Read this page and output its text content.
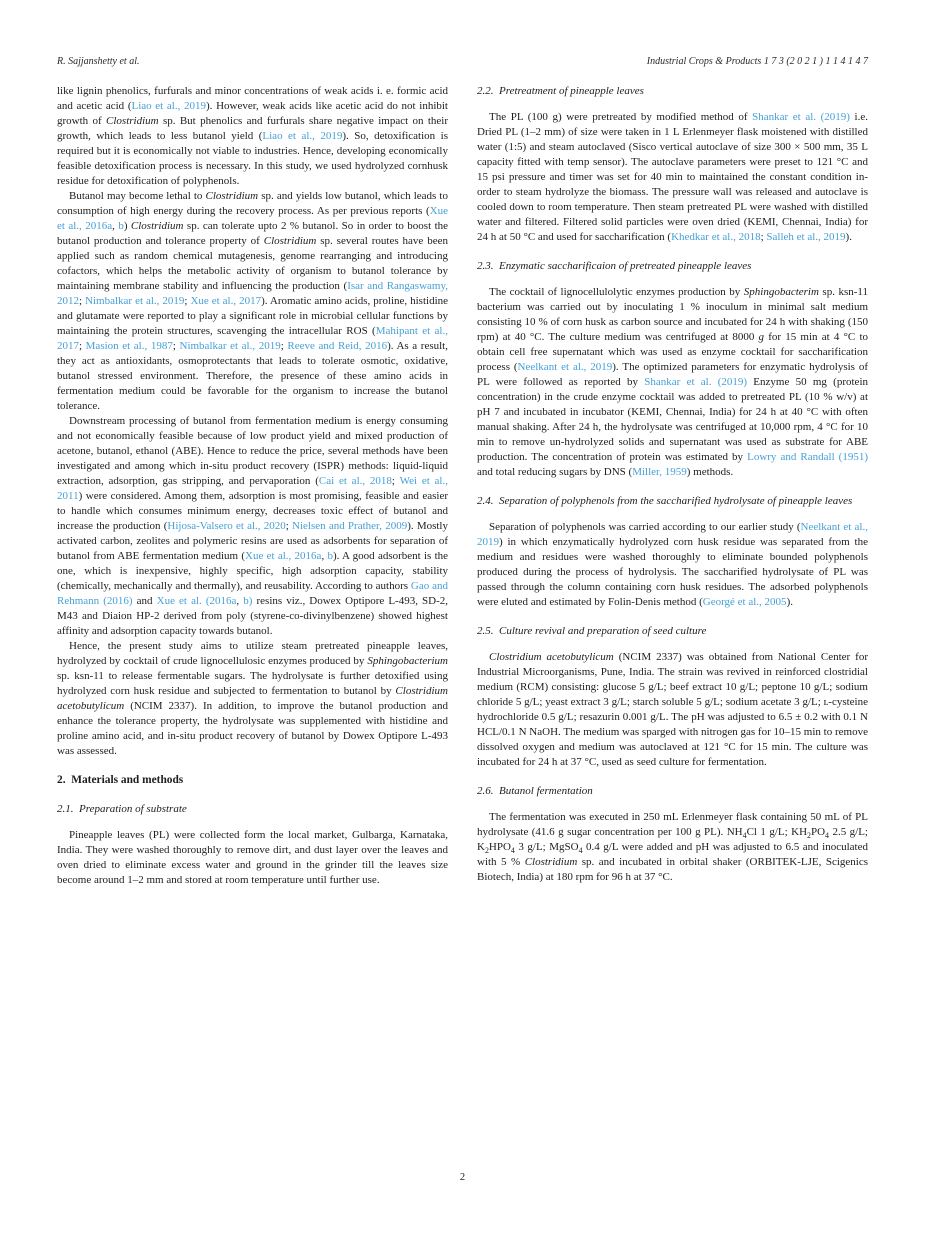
R. Sajjanshetty et al.	Industrial Crops & Products 1 7 3 (2 0 2 1 ) 1 1 4 1 4 7

like lignin phenolics, furfurals and minor concentrations of weak acids i. e. formic acid and acetic acid (Liao et al., 2019). However, weak acids like acetic acid do not inhibit growth of Clostridium sp. But phenolics and furfurals share negative impact on their growth, which leads to less butanol yield (Liao et al., 2019). So, detoxification is required but it is economically not viable to industries. Hence, developing economically feasible detoxification process is necessary. In this study, we used hydrolyzed cornhusk residue for detoxification of polyphenols.

Butanol may become lethal to Clostridium sp. and yields low butanol, which leads to consumption of high energy during the recovery process. As per previous reports (Xue et al., 2016a, b) Clostridium sp. can tolerate upto 2 % butanol. So in order to boost the butanol production and tolerance property of Clostridium sp. several routes have been applied such as random chemical mutagenesis, genome rearranging and introducing cofactors, which helps the metabolic activity of organism to butanol tolerance by maintaining membrane stability and influencing the production (Isar and Rangaswamy, 2012; Nimbalkar et al., 2019; Xue et al., 2017). Aromatic amino acids, proline, histidine and glutamate were reported to play a significant role in microbial cellular functions by maintaining the protein structures, scavenging the intracellular ROS (Mahipant et al., 2017; Masion et al., 1987; Nimbalkar et al., 2019; Reeve and Reid, 2016). As a result, they act as antioxidants, osmoprotectants that leads to tolerate osmotic, oxidative, butanol stressed environment. Therefore, the presence of these amino acids in fermentation medium could be favorable for the organism to increase the butanol tolerance.

Downstream processing of butanol from fermentation medium is energy consuming and not economically feasible because of low product yield and mixed production of acetone, butanol, ethanol (ABE). Hence to reduce the price, several methods have been investigated and among which in-situ product recovery (ISPR) methods: liquid-liquid extraction, adsorption, gas stripping, and pervaporation (Cai et al., 2018; Wei et al., 2011) were considered. Among them, adsorption is most promising, feasible and easier to handle which consumes minimum energy, decreases toxic effect of butanol and increase the production (Hijosa-Valsero et al., 2020; Nielsen and Prather, 2009). Mostly activated carbon, zeolites and polymeric resins are used as adsorbents for separation of butanol from ABE fermentation medium (Xue et al., 2016a, b). A good adsorbent is the one, which is inexpensive, highly specific, high adsorption capacity, stability (chemically, mechanically and thermally), and reusability. According to authors Gao and Rehmann (2016) and Xue et al. (2016a, b) resins viz., Dowex Optipore L-493, SD-2, M43 and Diaion HP-2 derived from poly (styrene-co-divinylbenzene) showed highest affinity and adsorption capacity towards butanol.

Hence, the present study aims to utilize steam pretreated pineapple leaves, hydrolyzed by cocktail of crude lignocellulosic enzymes produced by Sphingobacterium sp. ksn-11 to release fermentable sugars. The hydrolysate is further detoxified using hydrolyzed corn husk residue and subjected to fermentation to butanol by Clostridium acetobutylicum (NCIM 2337). In addition, to improve the butanol production and enhance the tolerance property, the hydrolysate was supplemented with histidine and proline amino acid, and in-situ product recovery of butanol by Dowex Optipore L-493 was assessed.

2. Materials and methods
2.1. Preparation of substrate

Pineapple leaves (PL) were collected form the local market, Gulbarga, Karnataka, India. They were washed thoroughly to remove dirt, and dust layer over the leaves and oven dried to eliminate excess water and ground in the grinder till the leaves size become around 1–2 mm and stored at room temperature until further use.

2.2. Pretreatment of pineapple leaves

The PL (100 g) were pretreated by modified method of Shankar et al. (2019) i.e. Dried PL (1–2 mm) of size were taken in 1 L Erlenmeyer flask moistened with distilled water (1:5) and steam autoclaved (Sisco vertical autoclave of size 300 × 500 mm, 35 L capacity fitted with temp sensor). The autoclave parameters were preset to 121 °C and 15 psi pressure and timer was set for 40 min to maintained the constant condition in-order to steam hydrolyze the biomass. The pressure wall was released and autoclave is cooled down to room temperature. Then steam pretreated PL were washed with distilled water and filtered. Filtered solid particles were oven dried (KEMI, Chennai, India) for 24 h at 50 °C and used for saccharification (Khedkar et al., 2018; Salleh et al., 2019).

2.3. Enzymatic saccharificaion of pretreated pineapple leaves

The cocktail of lignocellulolytic enzymes production by Sphingobacterim sp. ksn-11 bacterium was carried out by inoculating 1 % inoculum in minimal salt medium consisting 10 % of corn husk as carbon source and incubated for 24 h with shaking (150 rpm) at 40 °C. The culture medium was centrifuged at 8000 g for 15 min at 4 °C to obtain cell free supernatant which was used as enzyme cocktail for saccharification process (Neelkant et al., 2019). The optimized parameters for enzymatic hydrolysis of PL were followed as reported by Shankar et al. (2019) Enzyme 50 mg (protein concentration) in the crude enzyme cocktail was added to pretreated PL (10 % w/v) at pH 7 and incubated in incubator (KEMI, Chennai, India) for 24 h at 40 °C with often manual shaking. After 24 h, the hydrolysate was centrifuged at 10,000 rpm, 4 °C for 10 min to remove un-hydrolyzed solids and supernatant was used as substrate for ABE production. The concentration of protein was estimated by Lowry and Randall (1951) and total reducing sugars by DNS (Miller, 1959) methods.

2.4. Separation of polyphenols from the saccharified hydrolysate of pineapple leaves

Separation of polyphenols was carried according to our earlier study (Neelkant et al., 2019) in which enzymatically hydrolyzed corn husk residue was separated from the medium and residues were washed thoroughly to eliminate bounded polyphenols produced during the process of hydrolysis. The saccharified hydrolysate of PL was passed through the column containing corn husk residues. The adsorbed polyphenols were eluted and estimated by Folin-Denis method (Georgé et al., 2005).

2.5. Culture revival and preparation of seed culture

Clostridium acetobutylicum (NCIM 2337) was obtained from National Center for Industrial Microorganisms, Pune, India. The strain was revived in reinforced clostridial medium (RCM) consisting: glucose 5 g/L; beef extract 10 g/L; peptone 10 g/L; sodium chloride 5 g/L; yeast extract 3 g/L; starch soluble 5 g/L; sodium acetate 3 g/L; ʟ-cysteine hydrochloride 0.5 g/L; resazurin 0.001 g/L. The pH was adjusted to 6.5 ± 0.2 with 0.1 N HCL/0.1 N NaOH. The medium was sparged with nitrogen gas for 10–15 min to remove dissolved oxygen and medium was autoclaved at 121 °C for 15 min. The culture was incubated for 24 h at 37 °C, used as seed culture for fermentation.

2.6. Butanol fermentation

The fermentation was executed in 250 mL Erlenmeyer flask containing 50 mL of PL hydrolysate (41.6 g sugar concentration per 100 g PL). $NH_4Cl$ 1 g/L; $KH_2PO_4$ 2.5 g/L; $K_2HPO_4$ 3 g/L; MgSO$_4$ 0.4 g/L were added and pH was adjusted to 6.5 and inoculated with 5 % Clostridium sp. and incubated in orbital shaker (ORBITEK-LJE, Scigenics Biotech, India) at 180 rpm for 96 h at 37 °C.

2
